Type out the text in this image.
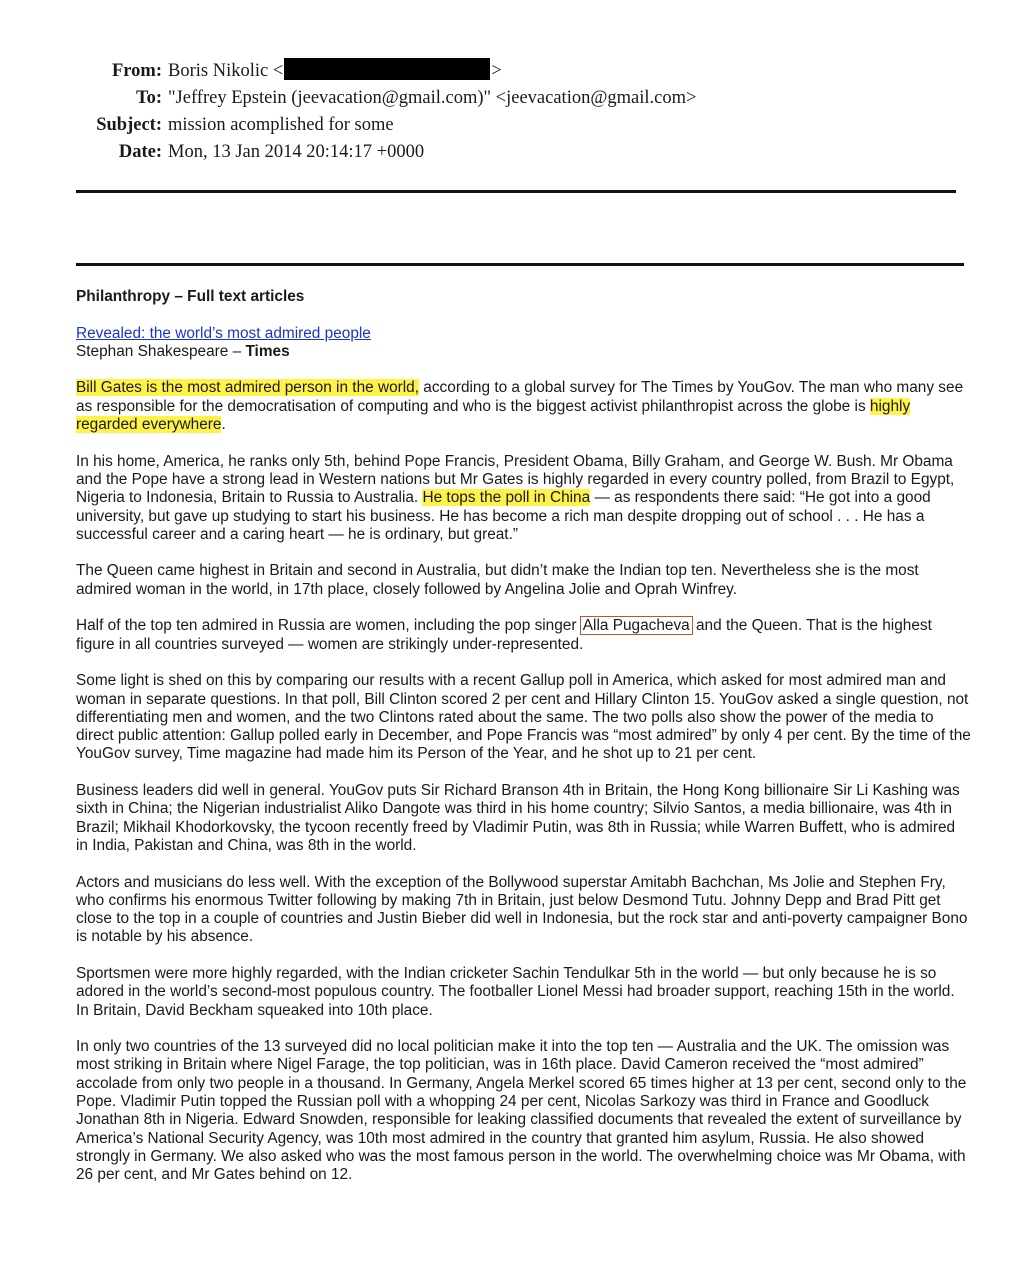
From: Boris Nikolic
<	>
To: "Jeffrey Epstein (jeevacation@gmail.com)" <jeevacation@gmail.com>
Subject: mission acomplished for some
Date: Mon, 13 Jan 2014 20:14:17 +0000

Philanthropy – Full text articles

Revealed: the world’s most admired people
Stephan Shakespeare – Times

Bill Gates is the most admired person in the world, according to a global survey for The Times by YouGov. The man who many see as responsible for the democratisation of computing and who is the biggest activist philanthropist across the globe is highly regarded everywhere.

In his home, America, he ranks only 5th, behind Pope Francis, President Obama, Billy Graham, and George W. Bush. Mr Obama and the Pope have a strong lead in Western nations but Mr Gates is highly regarded in every country polled, from Brazil to Egypt, Nigeria to Indonesia, Britain to Russia to Australia. He tops the poll in China — as respondents there said: “He got into a good university, but gave up studying to start his business. He has become a rich man despite dropping out of school . . . He has a successful career and a caring heart — he is ordinary, but great.”

The Queen came highest in Britain and second in Australia, but didn’t make the Indian top ten. Nevertheless she is the most admired woman in the world, in 17th place, closely followed by Angelina Jolie and Oprah Winfrey.

Half of the top ten admired in Russia are women, including the pop singer Alla Pugacheva and the Queen. That is the highest figure in all countries surveyed — women are strikingly under-represented.

Some light is shed on this by comparing our results with a recent Gallup poll in America, which asked for most admired man and woman in separate questions. In that poll, Bill Clinton scored 2 per cent and Hillary Clinton 15. YouGov asked a single question, not differentiating men and women, and the two Clintons rated about the same. The two polls also show the power of the media to direct public attention: Gallup polled early in December, and Pope Francis was “most admired” by only 4 per cent. By the time of the YouGov survey, Time magazine had made him its Person of the Year, and he shot up to 21 per cent.

Business leaders did well in general. YouGov puts Sir Richard Branson 4th in Britain, the Hong Kong billionaire Sir Li Kashing was sixth in China; the Nigerian industrialist Aliko Dangote was third in his home country; Silvio Santos, a media billionaire, was 4th in Brazil; Mikhail Khodorkovsky, the tycoon recently freed by Vladimir Putin, was 8th in Russia; while Warren Buffett, who is admired in India, Pakistan and China, was 8th in the world.

Actors and musicians do less well. With the exception of the Bollywood superstar Amitabh Bachchan, Ms Jolie and Stephen Fry, who confirms his enormous Twitter following by making 7th in Britain, just below Desmond Tutu. Johnny Depp and Brad Pitt get close to the top in a couple of countries and Justin Bieber did well in Indonesia, but the rock star and anti-poverty campaigner Bono is notable by his absence.

Sportsmen were more highly regarded, with the Indian cricketer Sachin Tendulkar 5th in the world — but only because he is so adored in the world’s second-most populous country. The footballer Lionel Messi had broader support, reaching 15th in the world. In Britain, David Beckham squeaked into 10th place.

In only two countries of the 13 surveyed did no local politician make it into the top ten — Australia and the UK. The omission was most striking in Britain where Nigel Farage, the top politician, was in 16th place. David Cameron received the “most admired” accolade from only two people in a thousand. In Germany, Angela Merkel scored 65 times higher at 13 per cent, second only to the Pope. Vladimir Putin topped the Russian poll with a whopping 24 per cent, Nicolas Sarkozy was third in France and Goodluck Jonathan 8th in Nigeria. Edward Snowden, responsible for leaking classified documents that revealed the extent of surveillance by America’s National Security Agency, was 10th most admired in the country that granted him asylum, Russia. He also showed strongly in Germany. We also asked who was the most famous person in the world. The overwhelming choice was Mr Obama, with 26 per cent, and Mr Gates behind on 12.
